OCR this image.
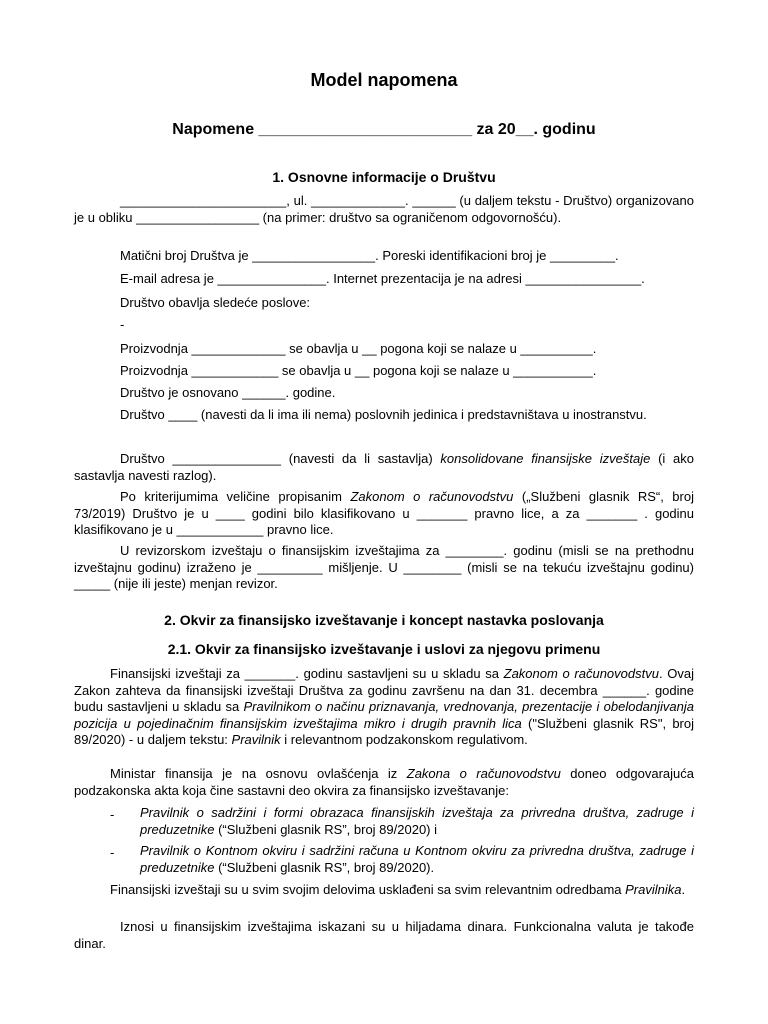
Model napomena
Napomene ________________________ za 20__. godinu
1. Osnovne informacije o Društvu
_______________________, ul. _____________. ______ (u daljem tekstu - Društvo) organizovano je u obliku _________________ (na primer: društvo sa ograničenom odgovornošću).
Matični broj Društva je _________________. Poreski identifikacioni broj je _________.
E-mail adresa je _______________. Internet prezentacija je na adresi ________________.
Društvo obavlja sledeće poslove:
-
Proizvodnja _____________ se obavlja u __ pogona koji se nalaze u __________.
Proizvodnja ____________ se obavlja u __ pogona koji se nalaze u ___________.
Društvo je osnovano ______. godine.
Društvo ____ (navesti da li ima ili nema) poslovnih jedinica i predstavništava u inostranstvu.
Društvo _______________ (navesti da li sastavlja) konsolidovane finansijske izveštaje (i ako sastavlja navesti razlog).
Po kriterijumima veličine propisanim Zakonom o računovodstvu („Službeni glasnik RS“, broj 73/2019) Društvo je u ____ godini bilo klasifikovano u _______ pravno lice, a za _______ . godinu klasifikovano je u ____________ pravno lice.
U revizorskom izveštaju o finansijskim izveštajima za ________. godinu (misli se na prethodnu izveštajnu godinu) izraženo je _________ mišljenje. U ________ (misli se na tekuću izveštajnu godinu) _____ (nije ili jeste) menjan revizor.
2. Okvir za finansijsko izveštavanje i koncept nastavka poslovanja
2.1. Okvir za finansijsko izveštavanje i uslovi za njegovu primenu
Finansijski izveštaji za _______. godinu sastavljeni su u skladu sa Zakonom o računovodstvu. Ovaj Zakon zahteva da finansijski izveštaji Društva za godinu završenu na dan 31. decembra ______. godine budu sastavljeni u skladu sa Pravilnikom o načinu priznavanja, vrednovanja, prezentacije i obelodanjivanja pozicija u pojedinačnim finansijskim izveštajima mikro i drugih pravnih lica ("Službeni glasnik RS", broj 89/2020) - u daljem tekstu: Pravilnik i relevantnom podzakonskom regulativom.
Ministar finansija je na osnovu ovlašćenja iz Zakona o računovodstvu doneo odgovarajuća podzakonska akta koja čine sastavni deo okvira za finansijsko izveštavanje:
- Pravilnik o sadržini i formi obrazaca finansijskih izveštaja za privredna društva, zadruge i preduzetnike (“Službeni glasnik RS”, broj 89/2020) i
- Pravilnik o Kontnom okviru i sadržini računa u Kontnom okviru za privredna društva, zadruge i preduzetnike (“Službeni glasnik RS”, broj 89/2020).
Finansijski izveštaji su u svim svojim delovima usklađeni sa svim relevantnim odredbama Pravilnika.
Iznosi u finansijskim izveštajima iskazani su u hiljadama dinara. Funkcionalna valuta je takođe dinar.
